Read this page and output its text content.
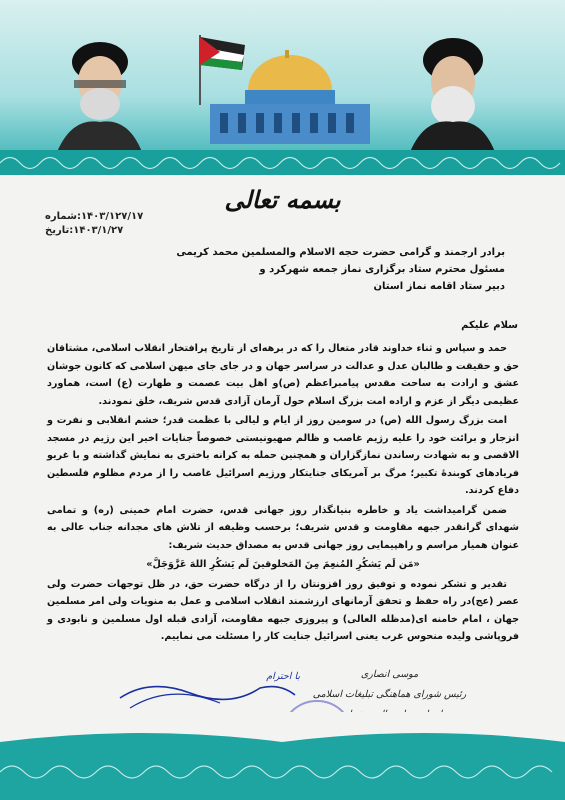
بسمه تعالی
۱۴۰۳/۱۲۷/۱۷:شماره
۱۴۰۳/۱/۲۷:تاریخ
برادر ارجمند و گرامی حضرت حجه الاسلام والمسلمین محمد کریمی
مسئول محترم ستاد برگزاری نماز جمعه شهرکرد و
دبیر ستاد اقامه نماز استان
سلام علیکم

حمد و سپاس و ثناء خداوند قادر متعال را که در برهه‌ای از تاریخ پرافتخار انقلاب اسلامی، مشتاقان حق و حقیقت و طالبان عدل و عدالت در سراسر جهان و در جای جای میهن اسلامی که کانون جوشان عشق و ارادت به ساحت مقدس پیامبراعظم (ص)و اهل بیت عصمت و طهارت (ع) است، هماورد عظیمی دیگر از عزم و اراده امت بزرگ اسلام حول آرمان آزادی قدس شریف، خلق نمودند.

امت بزرگ رسول الله (ص) در سومین روز از ایام و لیالی با عظمت قدر؛ خشم انقلابی و نفرت و انزجار و برائت خود را علیه رژیم غاصب و ظالم صهیونیستی خصوصاً جنایات اخیر این رژیم در مسجد الاقصی و به شهادت رساندن نمازگزاران و همچنین حمله به کرانه باختری به نمایش گذاشته و با غریو فریادهای کوبندهٔ تکبیر؛ مرگ بر آمریکای جنایتکار ورژیم اسرائیل غاصب را از مردم مظلوم فلسطین دفاع کردند.

ضمن گرامیداشت یاد و خاطره بنیانگذار روز جهانی قدس، حضرت امام خمینی (ره) و تمامی شهدای گرانقدر جبهه مقاومت و قدس شریف؛ برحسب وظیفه از تلاش های مجدانه جناب عالی به عنوان همیار مراسم و راهپیمایی روز جهانی قدس به مصداق حدیث شریف:

«مَن لَم یَشکُرِ المُنعِمَ مِنَ المَخلوقینَ لَم یَشکُرِ اللهَ عَزَّوَجَلَّ»

تقدیر و تشکر نموده و توفیق روز افزونتان را از درگاه حضرت حق، در ظل توجهات حضرت ولی عصر (عج)در راه حفظ و تحقق آرمانهای ارزشمند انقلاب اسلامی و عمل به منویات ولی امر مسلمین جهان ، امام خامنه ای(مدظله العالی) و پیروزی جبهه مقاومت، آزادی قبله اول مسلمین و نابودی و فروپاشی ولیده منحوس غرب یعنی اسرائیل جنایت کار را مسئلت می نماییم.

با احترام	موسی انصاری
رئیس شورای هماهنگی تبلیغات اسلامی
